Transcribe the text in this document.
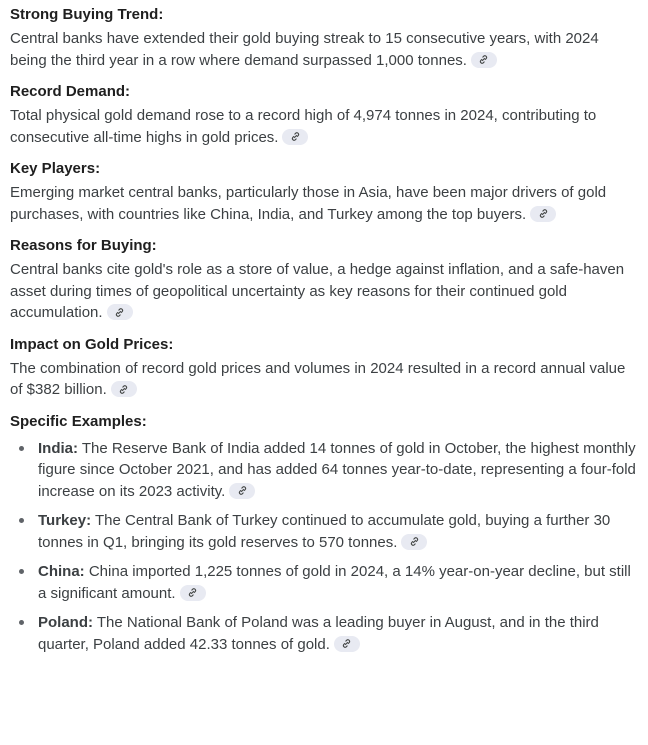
Strong Buying Trend:

Central banks have extended their gold buying streak to 15 consecutive years, with 2024 being the third year in a row where demand surpassed 1,000 tonnes.

Record Demand:

Total physical gold demand rose to a record high of 4,974 tonnes in 2024, contributing to consecutive all-time highs in gold prices.

Key Players:

Emerging market central banks, particularly those in Asia, have been major drivers of gold purchases, with countries like China, India, and Turkey among the top buyers.

Reasons for Buying:

Central banks cite gold's role as a store of value, a hedge against inflation, and a safe-haven asset during times of geopolitical uncertainty as key reasons for their continued gold accumulation.

Impact on Gold Prices:

The combination of record gold prices and volumes in 2024 resulted in a record annual value of $382 billion.

Specific Examples:

India: The Reserve Bank of India added 14 tonnes of gold in October, the highest monthly figure since October 2021, and has added 64 tonnes year-to-date, representing a four-fold increase on its 2023 activity.
Turkey: The Central Bank of Turkey continued to accumulate gold, buying a further 30 tonnes in Q1, bringing its gold reserves to 570 tonnes.
China: China imported 1,225 tonnes of gold in 2024, a 14% year-on-year decline, but still a significant amount.
Poland: The National Bank of Poland was a leading buyer in August, and in the third quarter, Poland added 42.33 tonnes of gold.
